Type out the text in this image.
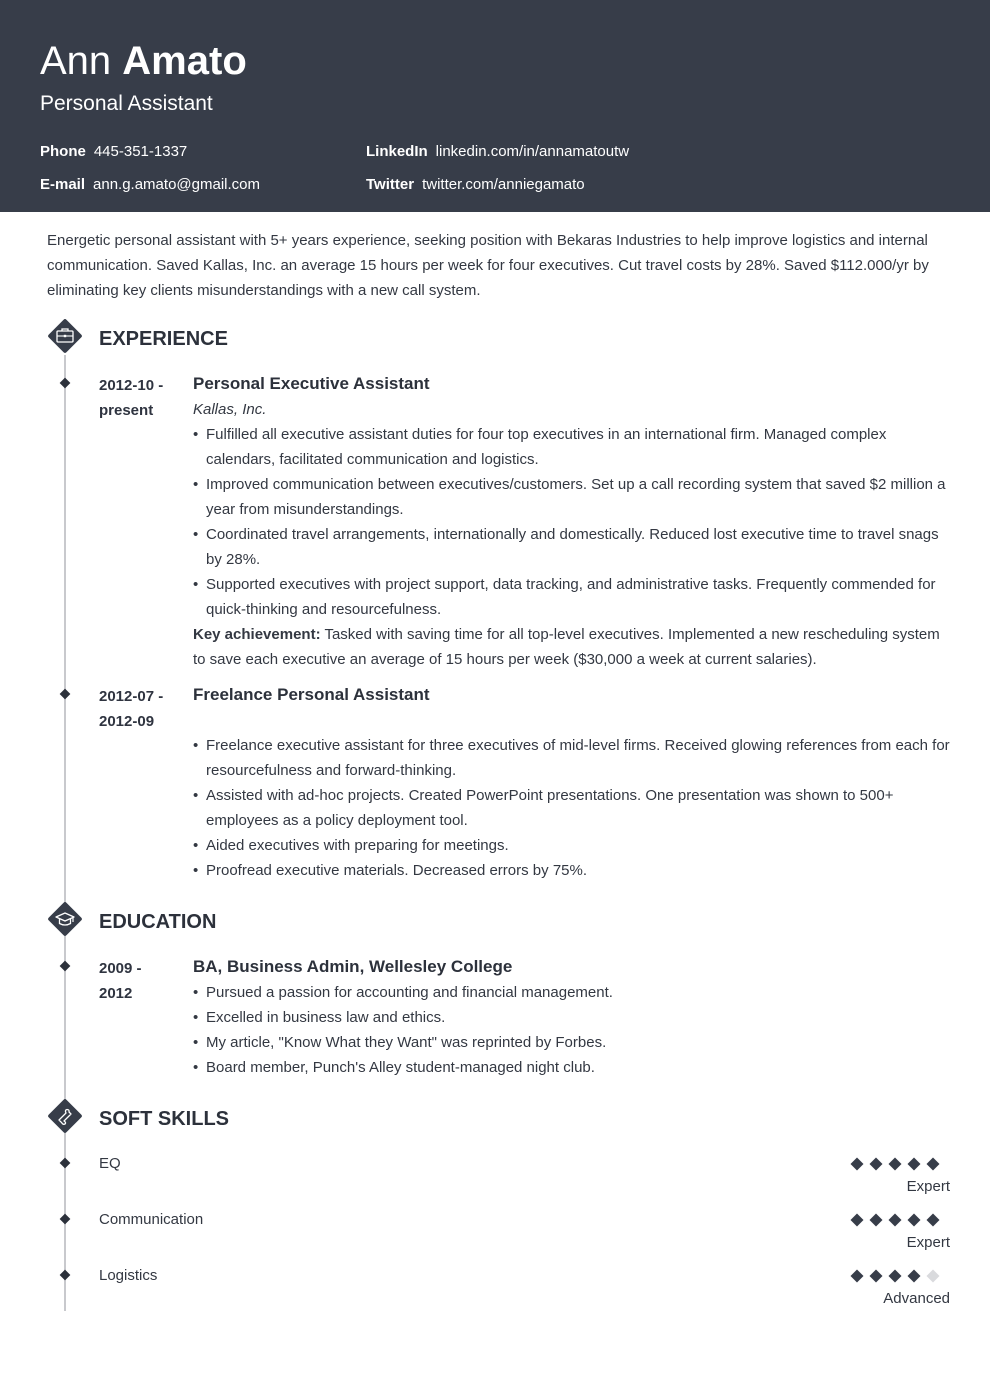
Ann Amato
Personal Assistant
Phone 445-351-1337
E-mail ann.g.amato@gmail.com
LinkedIn linkedin.com/in/annamatoutw
Twitter twitter.com/anniegamato
Energetic personal assistant with 5+ years experience, seeking position with Bekaras Industries to help improve logistics and internal communication. Saved Kallas, Inc. an average 15 hours per week for four executives. Cut travel costs by 28%. Saved $112.000/yr by eliminating key clients misunderstandings with a new call system.
EXPERIENCE
2012-10 -
present
Personal Executive Assistant
Kallas, Inc.
• Fulfilled all executive assistant duties for four top executives in an international firm. Managed complex calendars, facilitated communication and logistics.
• Improved communication between executives/customers. Set up a call recording system that saved $2 million a year from misunderstandings.
• Coordinated travel arrangements, internationally and domestically. Reduced lost executive time to travel snags by 28%.
• Supported executives with project support, data tracking, and administrative tasks. Frequently commended for quick-thinking and resourcefulness.
Key achievement: Tasked with saving time for all top-level executives. Implemented a new rescheduling system to save each executive an average of 15 hours per week ($30,000 a week at current salaries).
2012-07 -
2012-09
Freelance Personal Assistant
• Freelance executive assistant for three executives of mid-level firms. Received glowing references from each for resourcefulness and forward-thinking.
• Assisted with ad-hoc projects. Created PowerPoint presentations. One presentation was shown to 500+ employees as a policy deployment tool.
• Aided executives with preparing for meetings.
• Proofread executive materials. Decreased errors by 75%.
EDUCATION
2009 -
2012
BA, Business Admin, Wellesley College
• Pursued a passion for accounting and financial management.
• Excelled in business law and ethics.
• My article, "Know What they Want" was reprinted by Forbes.
• Board member, Punch's Alley student-managed night club.
SOFT SKILLS
EQ
Expert
Communication
Expert
Logistics
Advanced
